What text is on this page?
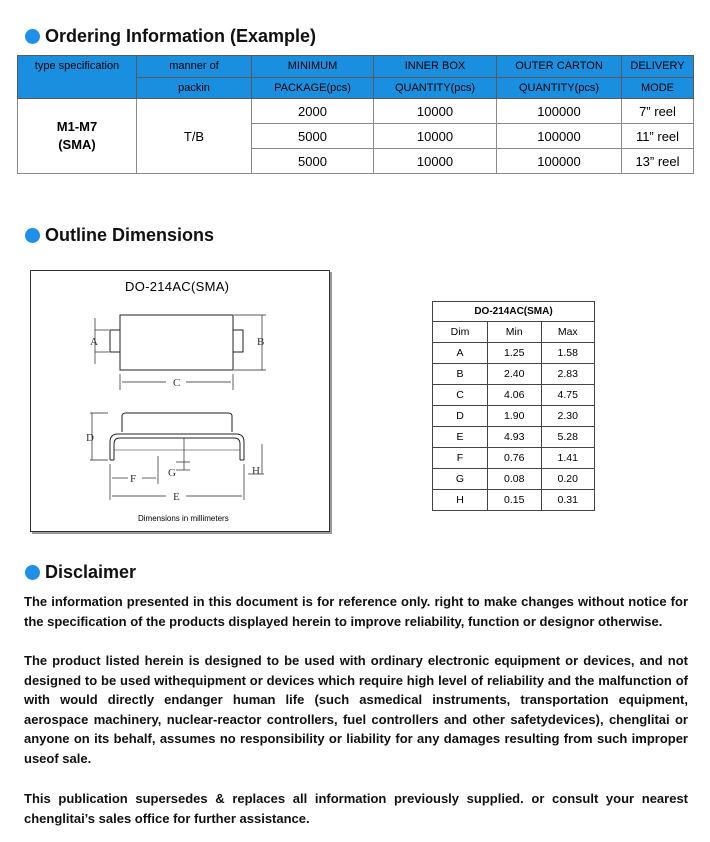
Ordering Information (Example)
type specification	manner of	MINIMUM	INNER BOX	OUTER CARTON	DELIVERY
	packin	PACKAGE(pcs)	QUANTITY(pcs)	QUANTITY(pcs)	MODE

M1-M7
(SMA)	T/B	2000	10000	100000	7” reel
		5000	10000	100000	11” reel
		5000	10000	100000	13” reel
Outline Dimensions
DO-214AC(SMA)
A	B
C
D
F	G	H
E
Dimensions in millimeters
DO-214AC(SMA)		
Dim	Min	Max
A	1.25	1.58
B	2.40	2.83
C	4.06	4.75
D	1.90	2.30
E	4.93	5.28
F	0.76	1.41
G	0.08	0.20
H	0.15	0.31
Disclaimer
The information presented in this document is for reference only. right to make changes without notice for the specification of the products displayed herein to improve reliability, function or designor otherwise.
The product listed herein is designed to be used with ordinary electronic equipment or devices, and not designed to be used withequipment or devices which require high level of reliability and the malfunction of with would directly endanger human life (such asmedical instruments, transportation equipment, aerospace machinery, nuclear-reactor controllers, fuel controllers and other safetydevices), chenglitai or anyone on its behalf, assumes no responsibility or liability for any damages resulting from such improper useof sale.
This publication supersedes & replaces all information previously supplied. or consult your nearest chenglitai’s sales office for further assistance.
